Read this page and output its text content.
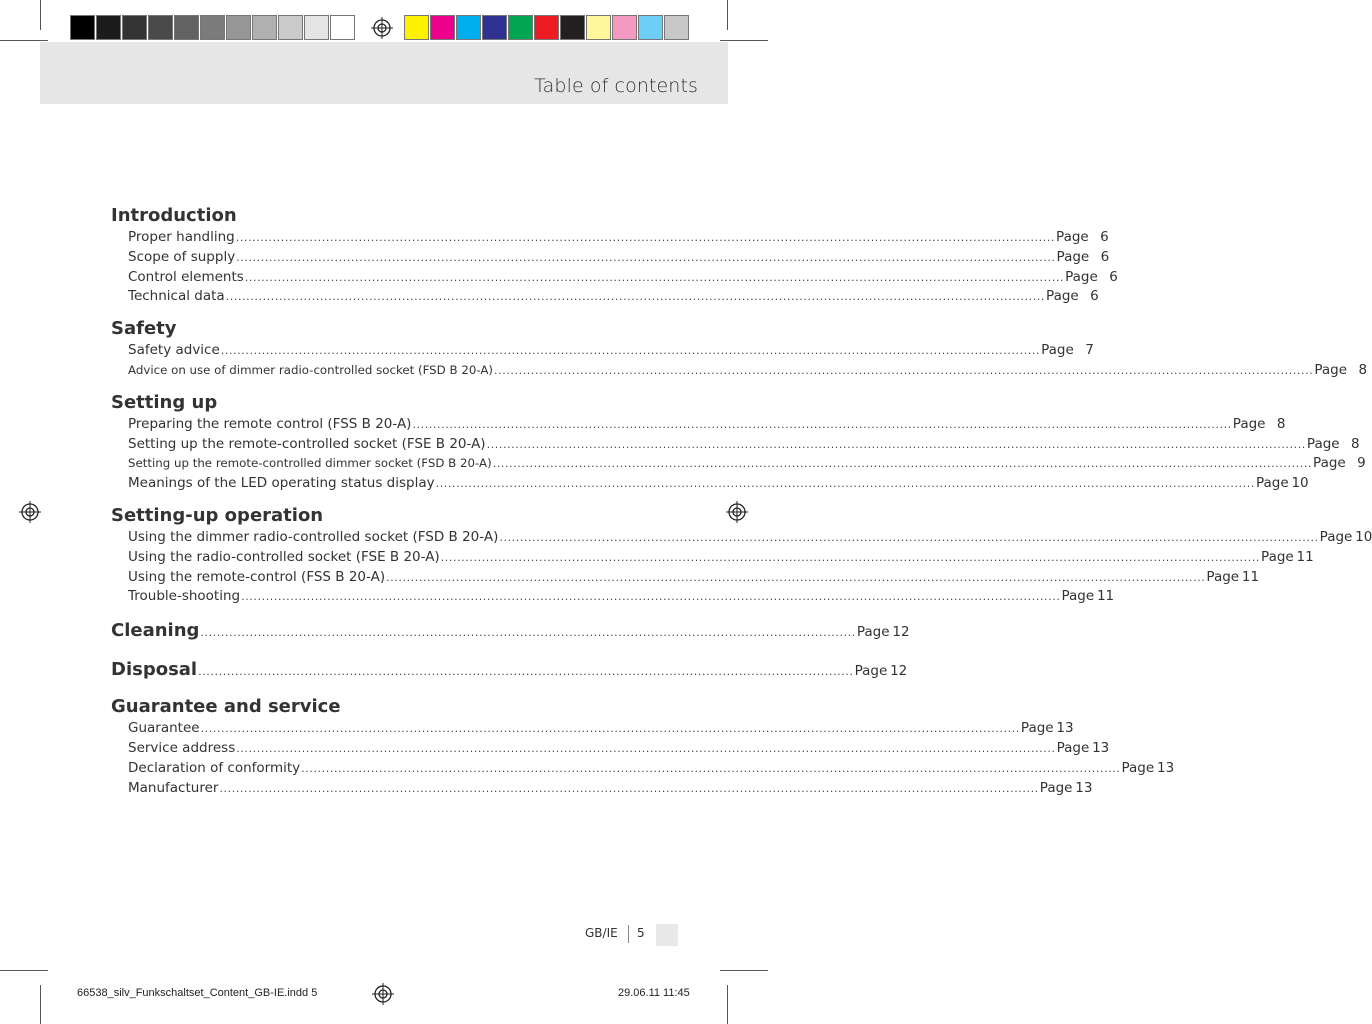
Table of contents
Introduction
Proper handling ........................................................................................................................................................................................................ Page 6
Scope of supply ........................................................................................................................................................................................................ Page 6
Control elements ........................................................................................................................................................................................................ Page 6
Technical data ........................................................................................................................................................................................................ Page 6
Safety
Safety advice ........................................................................................................................................................................................................ Page 7
Advice on use of dimmer radio-controlled socket (FSD B 20-A) ........................................................................................................................................................................................................ Page 8
Setting up
Preparing the remote control (FSS B 20-A) ........................................................................................................................................................................................................ Page 8
Setting up the remote-controlled socket (FSE B 20-A) ........................................................................................................................................................................................................ Page 8
Setting up the remote-controlled dimmer socket (FSD B 20-A) ........................................................................................................................................................................................................ Page 9
Meanings of the LED operating status display ........................................................................................................................................................................................................ Page 10
Setting-up operation
Using the dimmer radio-controlled socket (FSD B 20-A) ........................................................................................................................................................................................................ Page 10
Using the radio-controlled socket (FSE B 20-A) ........................................................................................................................................................................................................ Page 11
Using the remote-control (FSS B 20-A) ........................................................................................................................................................................................................ Page 11
Trouble-shooting ........................................................................................................................................................................................................ Page 11
Cleaning ................................................................................................................................................................ Page 12
Disposal ................................................................................................................................................................ Page 12
Guarantee and service
Guarantee ........................................................................................................................................................................................................ Page 13
Service address ........................................................................................................................................................................................................ Page 13
Declaration of conformity ........................................................................................................................................................................................................ Page 13
Manufacturer ........................................................................................................................................................................................................ Page 13
GB/IE 5
66538_silv_Funkschaltset_Content_GB-IE.indd 5	29.06.11 11:45
